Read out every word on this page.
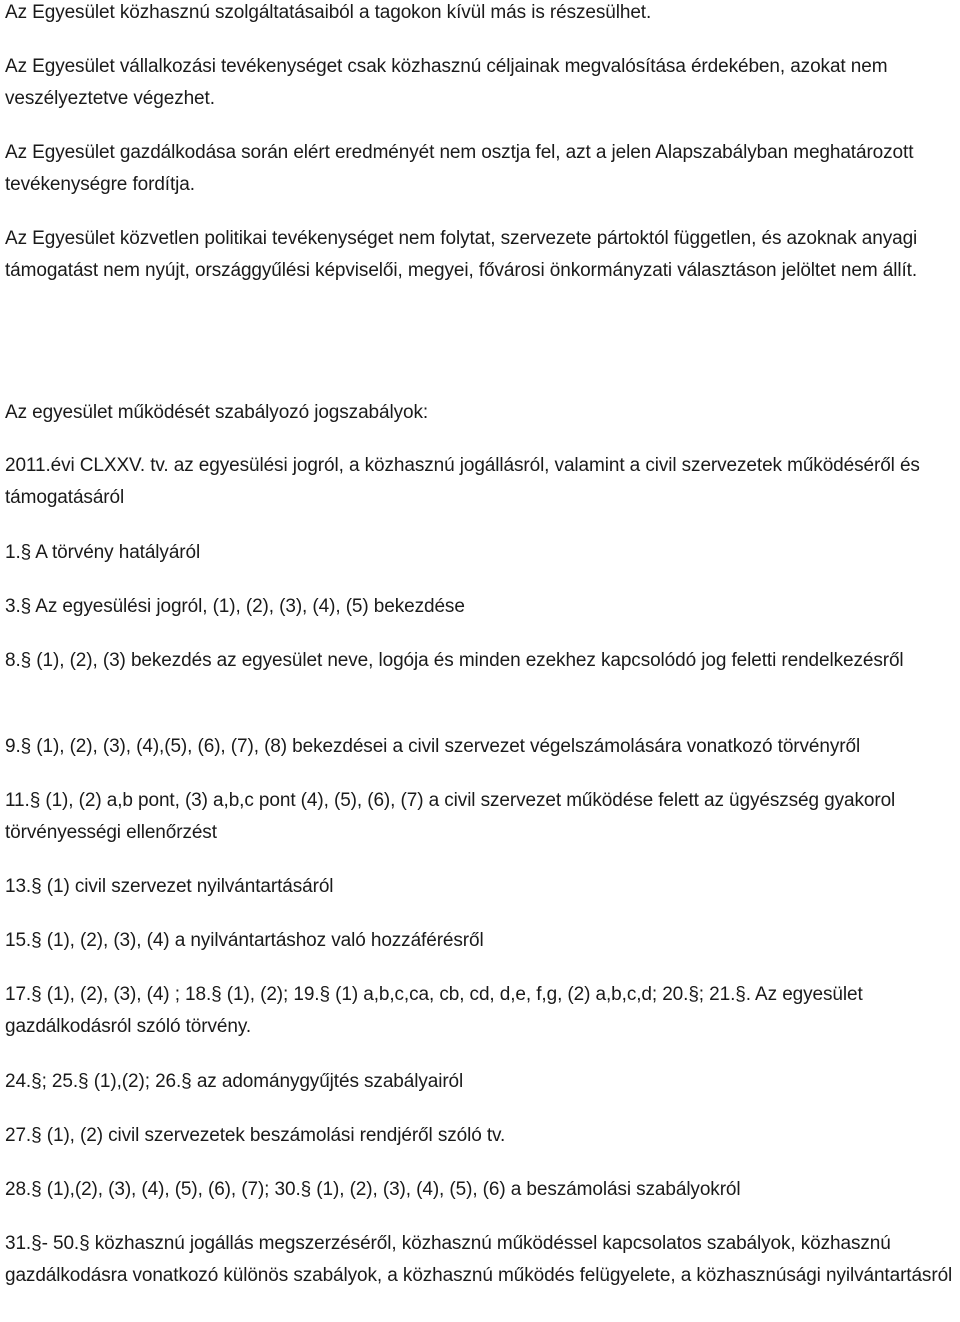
Az Egyesület közhasznú szolgáltatásaiból a tagokon kívül más is részesülhet.

Az Egyesület vállalkozási tevékenységet csak közhasznú céljainak megvalósítása érdekében, azokat nem veszélyeztetve végezhet.

Az Egyesület gazdálkodása során elért eredményét nem osztja fel, azt a jelen Alapszabályban meghatározott tevékenységre fordítja.

Az Egyesület közvetlen politikai tevékenységet nem folytat, szervezete pártoktól független, és azoknak anyagi támogatást nem nyújt, országgyűlési képviselői, megyei, fővárosi önkormányzati választáson jelöltet nem állít.

Az egyesület működését szabályozó jogszabályok:

2011.évi CLXXV. tv. az egyesülési jogról, a közhasznú jogállásról, valamint a civil szervezetek működéséről és támogatásáról

1.§ A törvény hatályáról

3.§ Az egyesülési jogról, (1), (2), (3), (4), (5) bekezdése

8.§ (1), (2), (3) bekezdés az egyesület neve, logója és minden ezekhez kapcsolódó jog feletti rendelkezésről

9.§ (1), (2), (3), (4),(5), (6), (7), (8) bekezdései a civil szervezet végelszámolására vonatkozó törvényről

11.§ (1), (2) a,b pont, (3) a,b,c pont (4), (5), (6), (7) a civil szervezet működése felett az ügyészség gyakorol törvényességi ellenőrzést

13.§ (1) civil szervezet nyilvántartásáról

15.§ (1), (2), (3), (4) a nyilvántartáshoz való hozzáférésről

17.§ (1), (2), (3), (4) ; 18.§ (1), (2); 19.§ (1) a,b,c,ca, cb, cd, d,e, f,g, (2) a,b,c,d; 20.§; 21.§. Az egyesület gazdálkodásról szóló törvény.

24.§; 25.§ (1),(2); 26.§ az adománygyűjtés szabályairól

27.§ (1), (2) civil szervezetek beszámolási rendjéről szóló tv.

28.§ (1),(2), (3), (4), (5), (6), (7); 30.§ (1), (2), (3), (4), (5), (6) a beszámolási szabályokról

31.§- 50.§ közhasznú jogállás megszerzéséről, közhasznú működéssel kapcsolatos szabályok, közhasznú gazdálkodásra vonatkozó különös szabályok, a közhasznú működés felügyelete, a közhasznúsági nyilvántartásról
